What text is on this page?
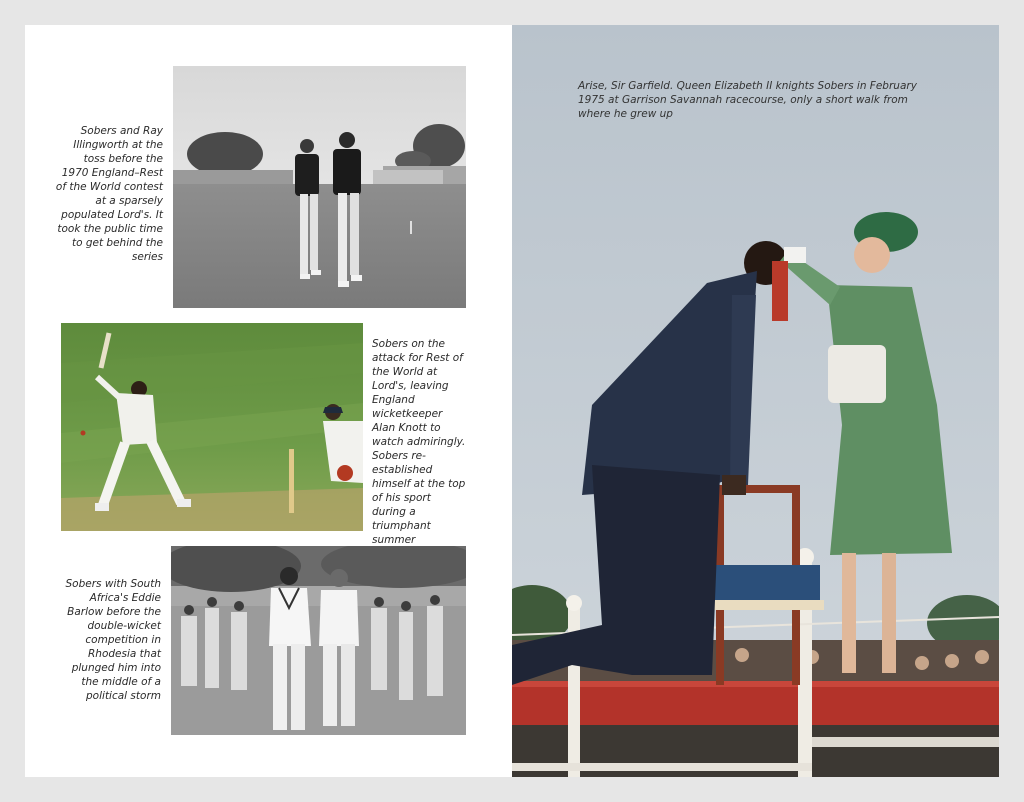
Sobers and Ray Illingworth at the toss before the 1970 England–Rest of the World contest at a sparsely populated Lord's. It took the public time to get behind the series
Sobers on the attack for Rest of the World at Lord's, leaving England wicketkeeper Alan Knott to watch admiringly. Sobers re-established himself at the top of his sport during a triumphant summer
Sobers with South Africa's Eddie Barlow before the double-wicket competition in Rhodesia that plunged him into the middle of a political storm
Arise, Sir Garfield. Queen Elizabeth II knights Sobers in February 1975 at Garrison Savannah racecourse, only a short walk from where he grew up
